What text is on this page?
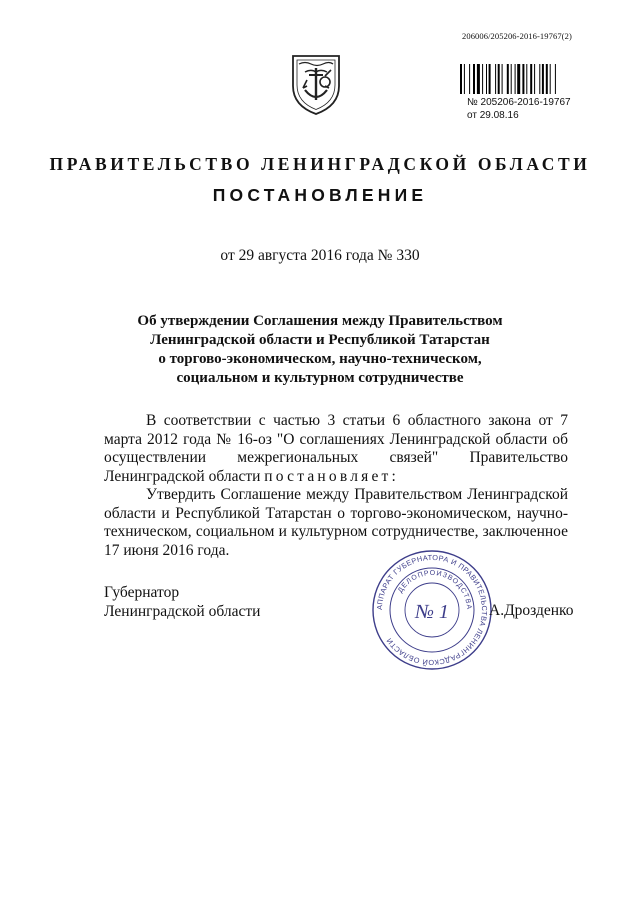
206006/205206-2016-19767(2)
№ 205206-2016-19767
от 29.08.16
ПРАВИТЕЛЬСТВО ЛЕНИНГРАДСКОЙ ОБЛАСТИ
ПОСТАНОВЛЕНИЕ
от 29 августа 2016 года № 330
Об утверждении Соглашения между Правительством
Ленинградской области и Республикой Татарстан
о торгово-экономическом, научно-техническом,
социальном и культурном сотрудничестве

В соответствии с частью 3 статьи 6 областного закона от 7 марта 2012 года № 16-оз "О соглашениях Ленинградской области об осуществлении межрегиональных связей" Правительство Ленинградской области постановляет:

Утвердить Соглашение между Правительством Ленинградской области и Республикой Татарстан о торгово-экономическом, научно-техническом, социальном и культурном сотрудничестве, заключенное 17 июня 2016 года.

Губернатор
Ленинградской области	АППАРАТ ГУБЕРНАТОРА И ПРАВИТЕЛЬСТВА ЛЕНИНГРАДСКОЙ ОБЛАСТИ
ДЕЛОПРОИЗВОДСТВА
№ 1	А.Дрозденко
